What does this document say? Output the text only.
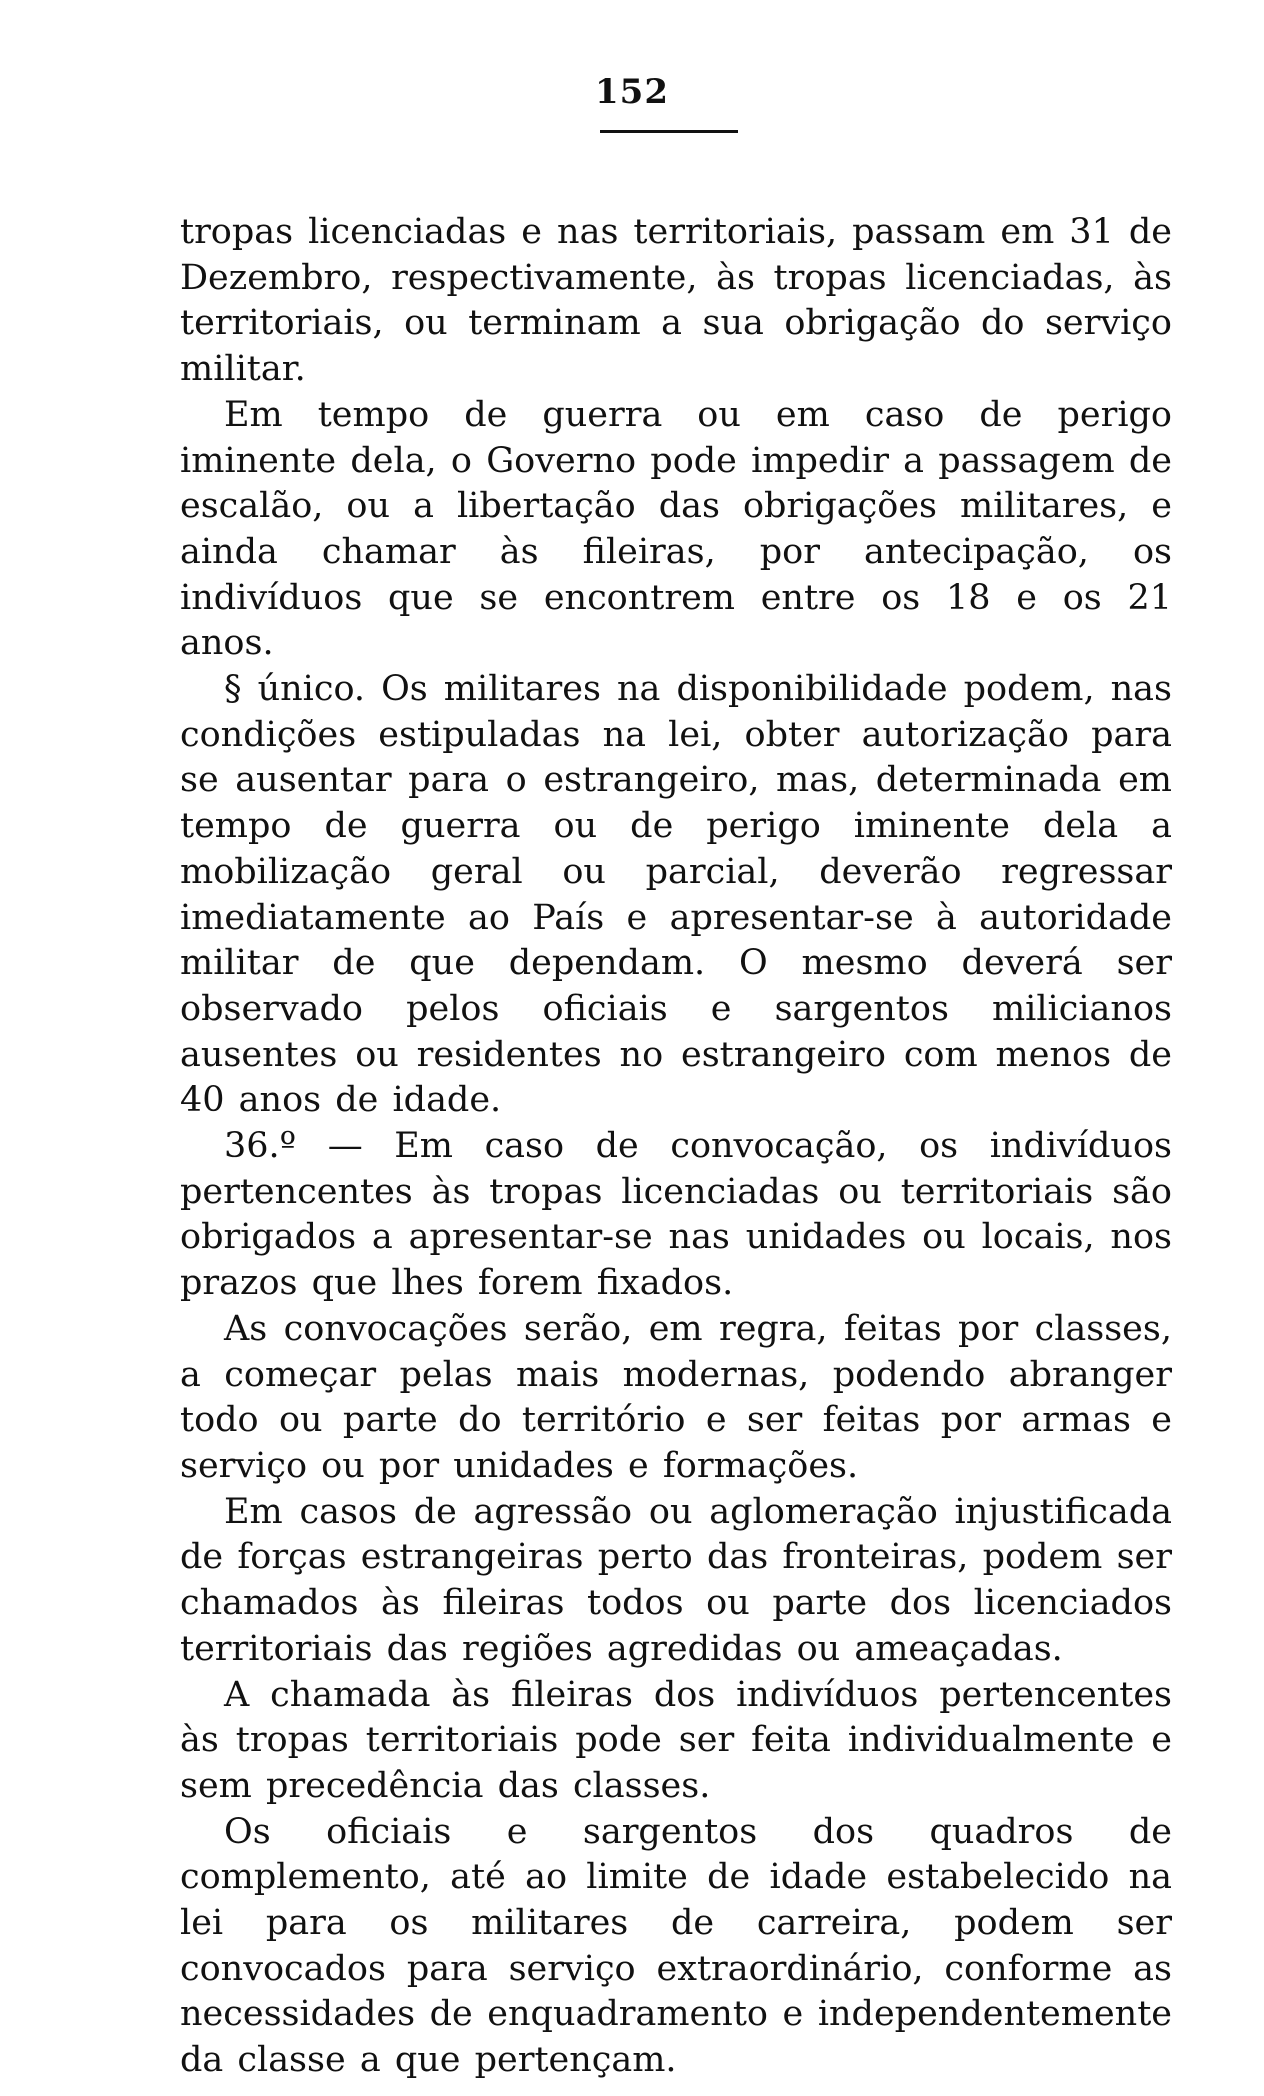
152

tropas licenciadas e nas territoriais, passam em 31 de Dezembro, respectivamente, às tropas licenciadas, às territoriais, ou terminam a sua obrigação do serviço militar.

Em tempo de guerra ou em caso de perigo iminente dela, o Governo pode impedir a passagem de escalão, ou a libertação das obrigações militares, e ainda chamar às fileiras, por antecipação, os indivíduos que se encontrem entre os 18 e os 21 anos.

§ único. Os militares na disponibilidade podem, nas condições estipuladas na lei, obter autorização para se ausentar para o estrangeiro, mas, determinada em tempo de guerra ou de perigo iminente dela a mobilização geral ou parcial, deverão regressar imediatamente ao País e apresentar-se à autoridade militar de que dependam. O mesmo deverá ser observado pelos oficiais e sargentos milicianos ausentes ou residentes no estrangeiro com menos de 40 anos de idade.

36.º — Em caso de convocação, os indivíduos pertencentes às tropas licenciadas ou territoriais são obrigados a apresentar-se nas unidades ou locais, nos prazos que lhes forem fixados.

As convocações serão, em regra, feitas por classes, a começar pelas mais modernas, podendo abranger todo ou parte do território e ser feitas por armas e serviço ou por unidades e formações.

Em casos de agressão ou aglomeração injustificada de forças estrangeiras perto das fronteiras, podem ser chamados às fileiras todos ou parte dos licenciados territoriais das regiões agredidas ou ameaçadas.

A chamada às fileiras dos indivíduos pertencentes às tropas territoriais pode ser feita individualmente e sem precedência das classes.

Os oficiais e sargentos dos quadros de complemento, até ao limite de idade estabelecido na lei para os militares de carreira, podem ser convocados para serviço extraordinário, conforme as necessidades de enquadramento e independentemente da classe a que pertençam.
